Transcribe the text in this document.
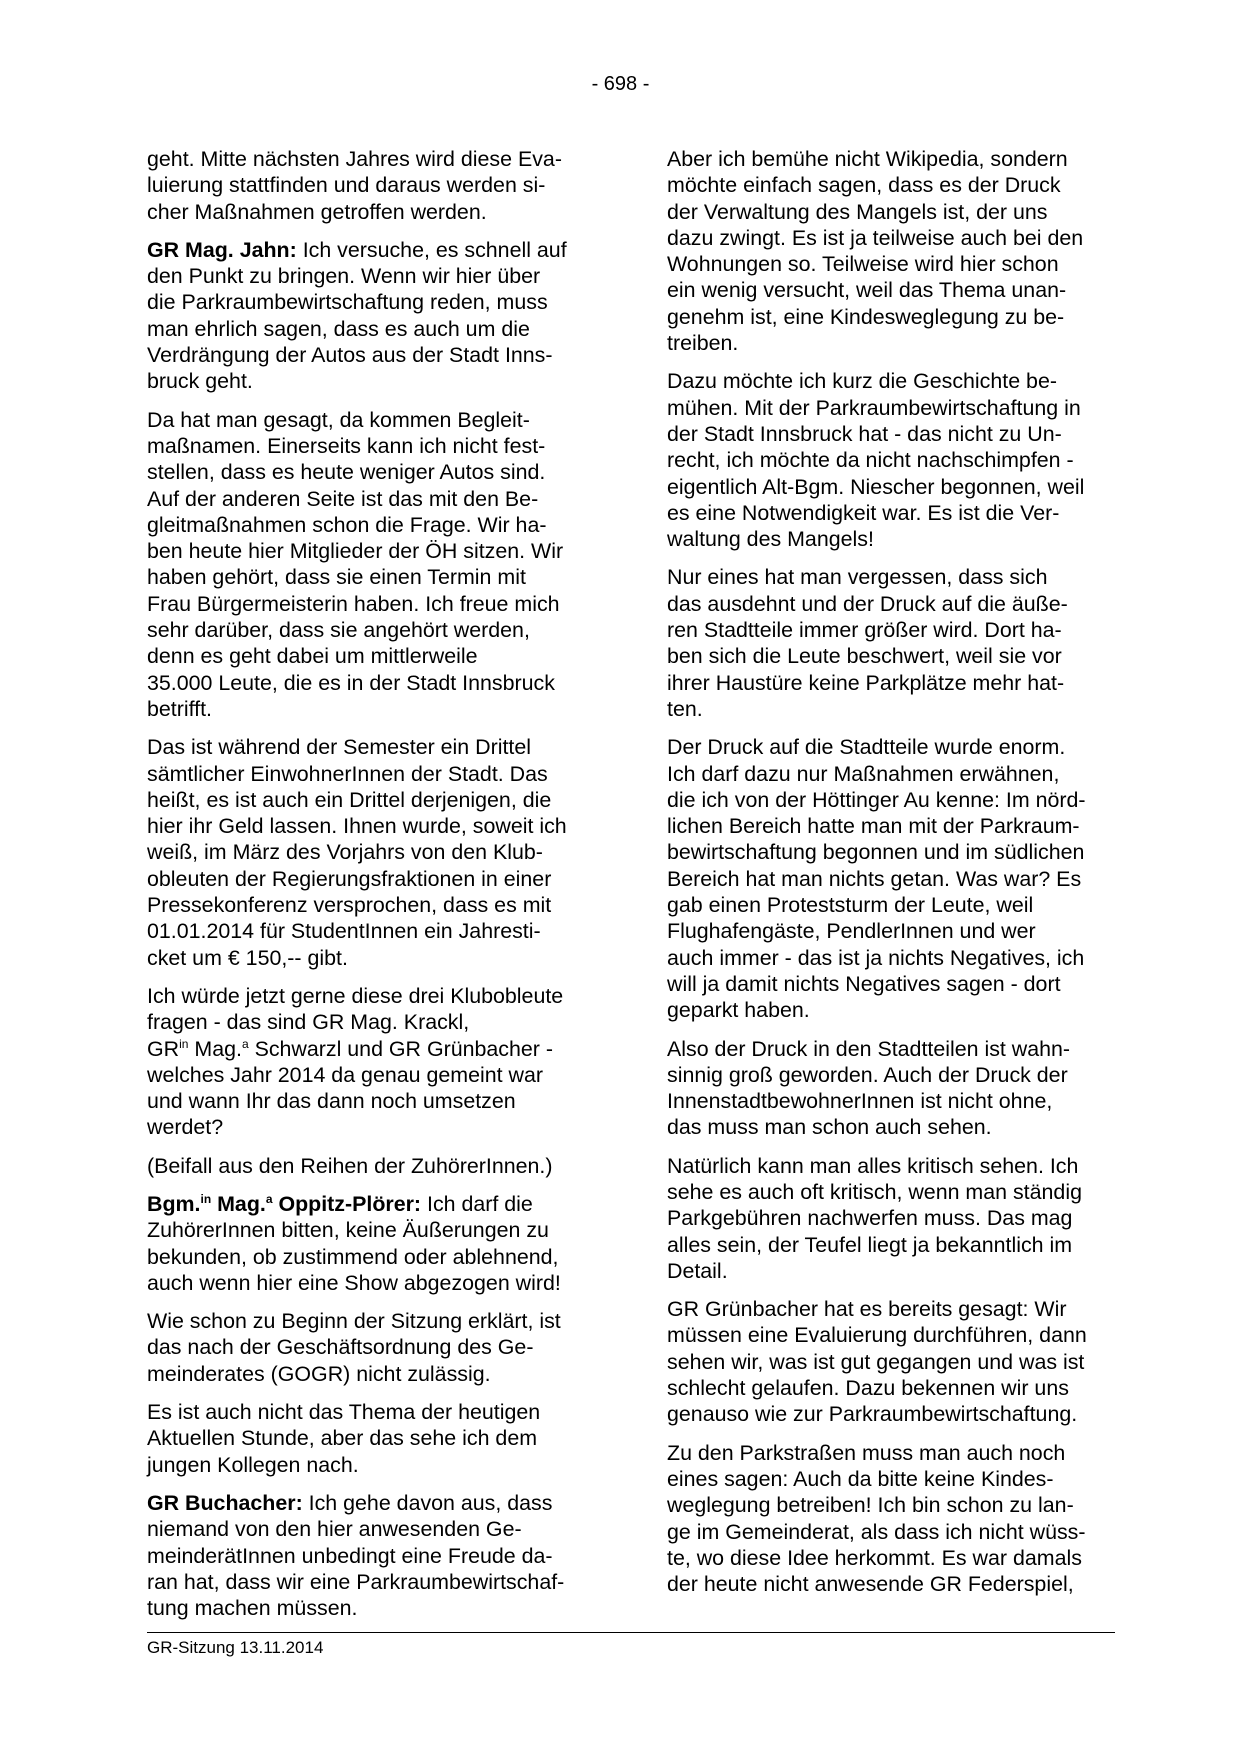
- 698 -

geht. Mitte nächsten Jahres wird diese Eva-
luierung stattfinden und daraus werden si-
cher Maßnahmen getroffen werden.

GR Mag. Jahn: Ich versuche, es schnell auf
den Punkt zu bringen. Wenn wir hier über
die Parkraumbewirtschaftung reden, muss
man ehrlich sagen, dass es auch um die
Verdrängung der Autos aus der Stadt Inns-
bruck geht.

Da hat man gesagt, da kommen Begleit-
maßnamen. Einerseits kann ich nicht fest-
stellen, dass es heute weniger Autos sind.
Auf der anderen Seite ist das mit den Be-
gleitmaßnahmen schon die Frage. Wir ha-
ben heute hier Mitglieder der ÖH sitzen. Wir
haben gehört, dass sie einen Termin mit
Frau Bürgermeisterin haben. Ich freue mich
sehr darüber, dass sie angehört werden,
denn es geht dabei um mittlerweile
35.000 Leute, die es in der Stadt Innsbruck
betrifft.

Das ist während der Semester ein Drittel
sämtlicher EinwohnerInnen der Stadt. Das
heißt, es ist auch ein Drittel derjenigen, die
hier ihr Geld lassen. Ihnen wurde, soweit ich
weiß, im März des Vorjahrs von den Klub-
obleuten der Regierungsfraktionen in einer
Pressekonferenz versprochen, dass es mit
01.01.2014 für StudentInnen ein Jahresti-
cket um € 150,-- gibt.

Ich würde jetzt gerne diese drei Klubobleute
fragen - das sind GR Mag. Krackl,
$GR^{in}$ Mag.$^a$ Schwarzl und GR Grünbacher -
welches Jahr 2014 da genau gemeint war
und wann Ihr das dann noch umsetzen
werdet?

(Beifall aus den Reihen der ZuhörerInnen.)

Bgm.$^{in}$ Mag.$^a$ Oppitz-Plörer: Ich darf die
ZuhörerInnen bitten, keine Äußerungen zu
bekunden, ob zustimmend oder ablehnend,
auch wenn hier eine Show abgezogen wird!

Wie schon zu Beginn der Sitzung erklärt, ist
das nach der Geschäftsordnung des Ge-
meinderates (GOGR) nicht zulässig.

Es ist auch nicht das Thema der heutigen
Aktuellen Stunde, aber das sehe ich dem
jungen Kollegen nach.

GR Buchacher: Ich gehe davon aus, dass
niemand von den hier anwesenden Ge-
meinderätInnen unbedingt eine Freude da-
ran hat, dass wir eine Parkraumbewirtschaf-
tung machen müssen.

Aber ich bemühe nicht Wikipedia, sondern
möchte einfach sagen, dass es der Druck
der Verwaltung des Mangels ist, der uns
dazu zwingt. Es ist ja teilweise auch bei den
Wohnungen so. Teilweise wird hier schon
ein wenig versucht, weil das Thema unan-
genehm ist, eine Kindesweglegung zu be-
treiben.

Dazu möchte ich kurz die Geschichte be-
mühen. Mit der Parkraumbewirtschaftung in
der Stadt Innsbruck hat - das nicht zu Un-
recht, ich möchte da nicht nachschimpfen -
eigentlich Alt-Bgm. Niescher begonnen, weil
es eine Notwendigkeit war. Es ist die Ver-
waltung des Mangels!

Nur eines hat man vergessen, dass sich
das ausdehnt und der Druck auf die äuße-
ren Stadtteile immer größer wird. Dort ha-
ben sich die Leute beschwert, weil sie vor
ihrer Haustüre keine Parkplätze mehr hat-
ten.

Der Druck auf die Stadtteile wurde enorm.
Ich darf dazu nur Maßnahmen erwähnen,
die ich von der Höttinger Au kenne: Im nörd-
lichen Bereich hatte man mit der Parkraum-
bewirtschaftung begonnen und im südlichen
Bereich hat man nichts getan. Was war? Es
gab einen Proteststurm der Leute, weil
Flughafengäste, PendlerInnen und wer
auch immer - das ist ja nichts Negatives, ich
will ja damit nichts Negatives sagen - dort
geparkt haben.

Also der Druck in den Stadtteilen ist wahn-
sinnig groß geworden. Auch der Druck der
InnenstadtbewohnerInnen ist nicht ohne,
das muss man schon auch sehen.

Natürlich kann man alles kritisch sehen. Ich
sehe es auch oft kritisch, wenn man ständig
Parkgebühren nachwerfen muss. Das mag
alles sein, der Teufel liegt ja bekanntlich im
Detail.

GR Grünbacher hat es bereits gesagt: Wir
müssen eine Evaluierung durchführen, dann
sehen wir, was ist gut gegangen und was ist
schlecht gelaufen. Dazu bekennen wir uns
genauso wie zur Parkraumbewirtschaftung.

Zu den Parkstraßen muss man auch noch
eines sagen: Auch da bitte keine Kindes-
weglegung betreiben! Ich bin schon zu lan-
ge im Gemeinderat, als dass ich nicht wüss-
te, wo diese Idee herkommt. Es war damals
der heute nicht anwesende GR Federspiel,

GR-Sitzung 13.11.2014
